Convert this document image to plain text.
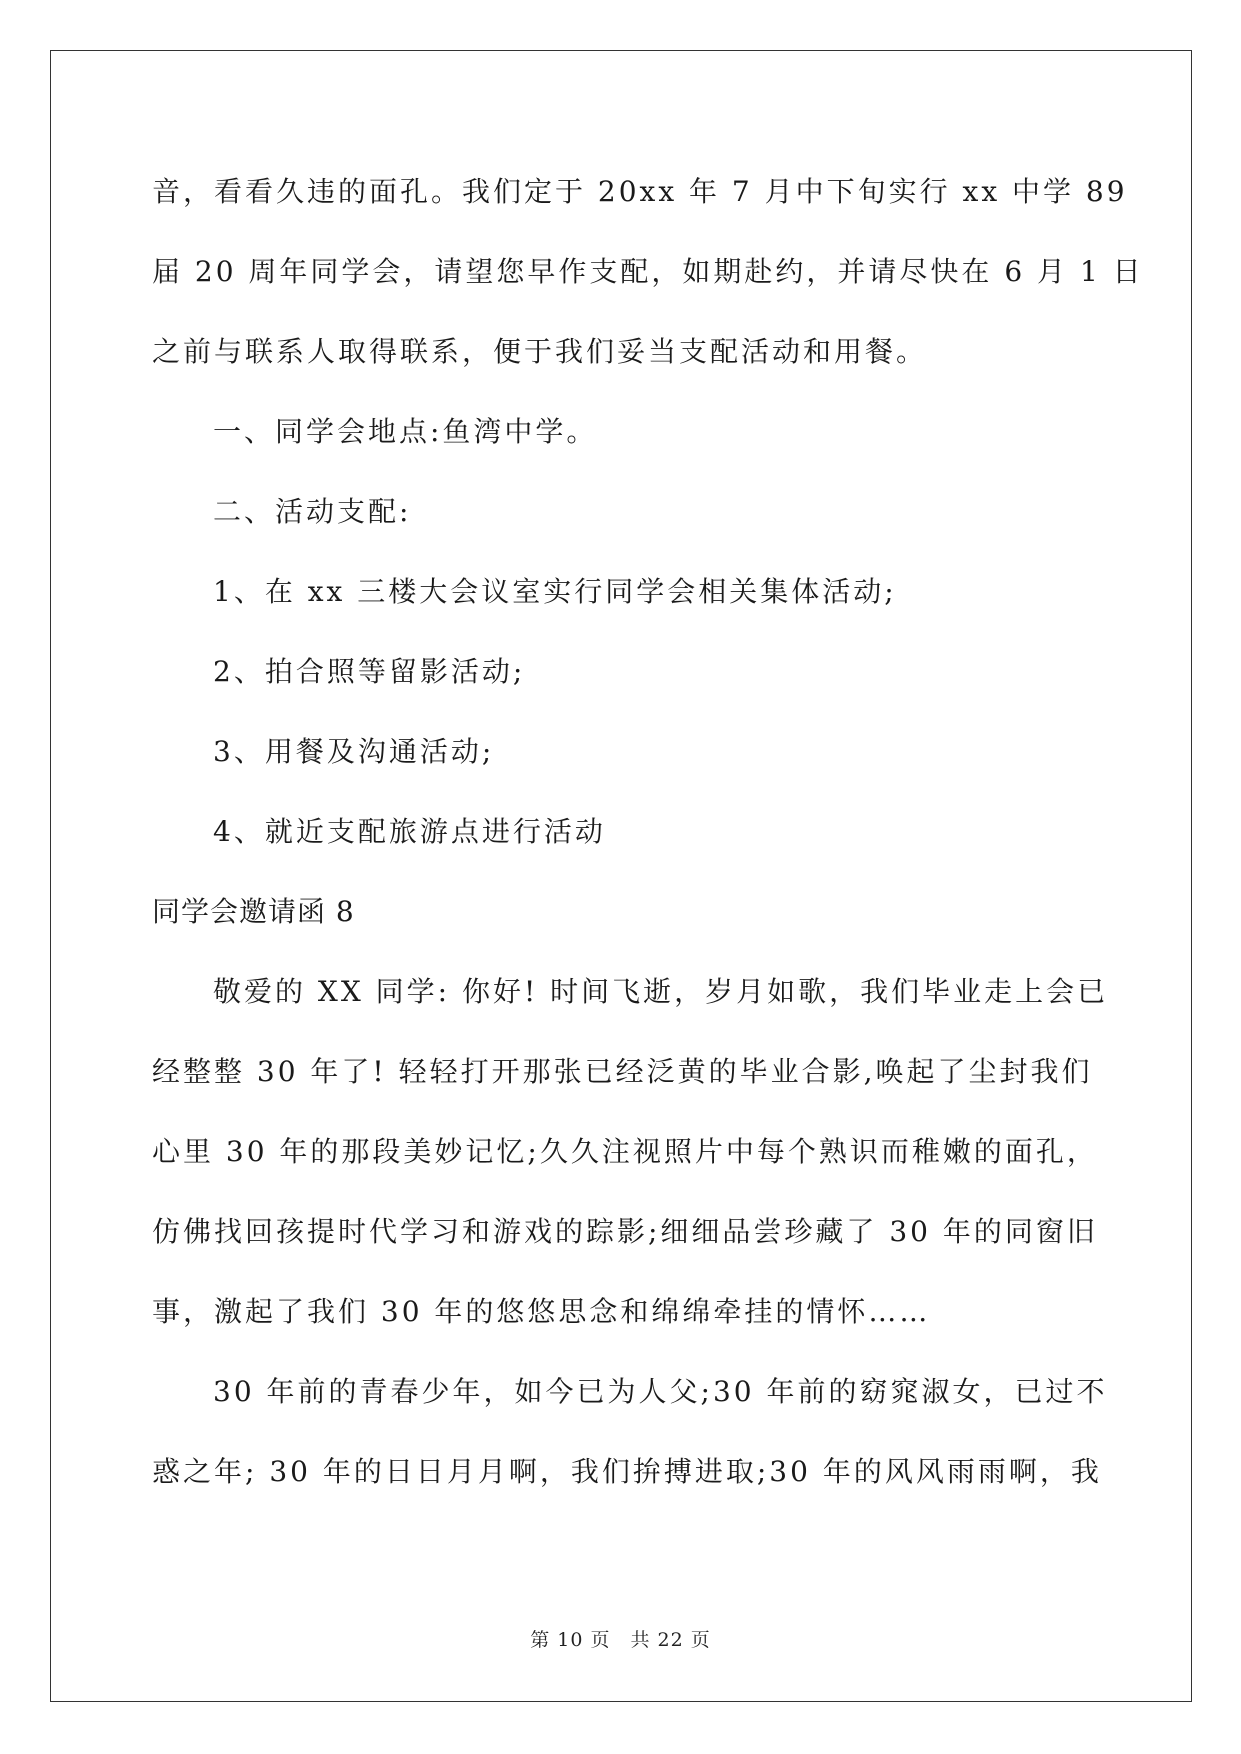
音，看看久违的面孔。我们定于 20xx 年 7 月中下旬实行 xx 中学 89
届 20 周年同学会，请望您早作支配，如期赴约，并请尽快在 6 月 1 日
之前与联系人取得联系，便于我们妥当支配活动和用餐。
一、同学会地点:鱼湾中学。
二、活动支配:
1、在 xx 三楼大会议室实行同学会相关集体活动;
2、拍合照等留影活动;
3、用餐及沟通活动;
4、就近支配旅游点进行活动
同学会邀请函 8
敬爱的 XX 同学: 你好! 时间飞逝，岁月如歌，我们毕业走上会已
经整整 30 年了! 轻轻打开那张已经泛黄的毕业合影,唤起了尘封我们
心里 30 年的那段美妙记忆;久久注视照片中每个熟识而稚嫩的面孔，
仿佛找回孩提时代学习和游戏的踪影;细细品尝珍藏了 30 年的同窗旧
事，激起了我们 30 年的悠悠思念和绵绵牵挂的情怀……
30 年前的青春少年，如今已为人父;30 年前的窈窕淑女，已过不
惑之年; 30 年的日日月月啊，我们拚搏进取;30 年的风风雨雨啊，我
第 10 页　共 22 页
